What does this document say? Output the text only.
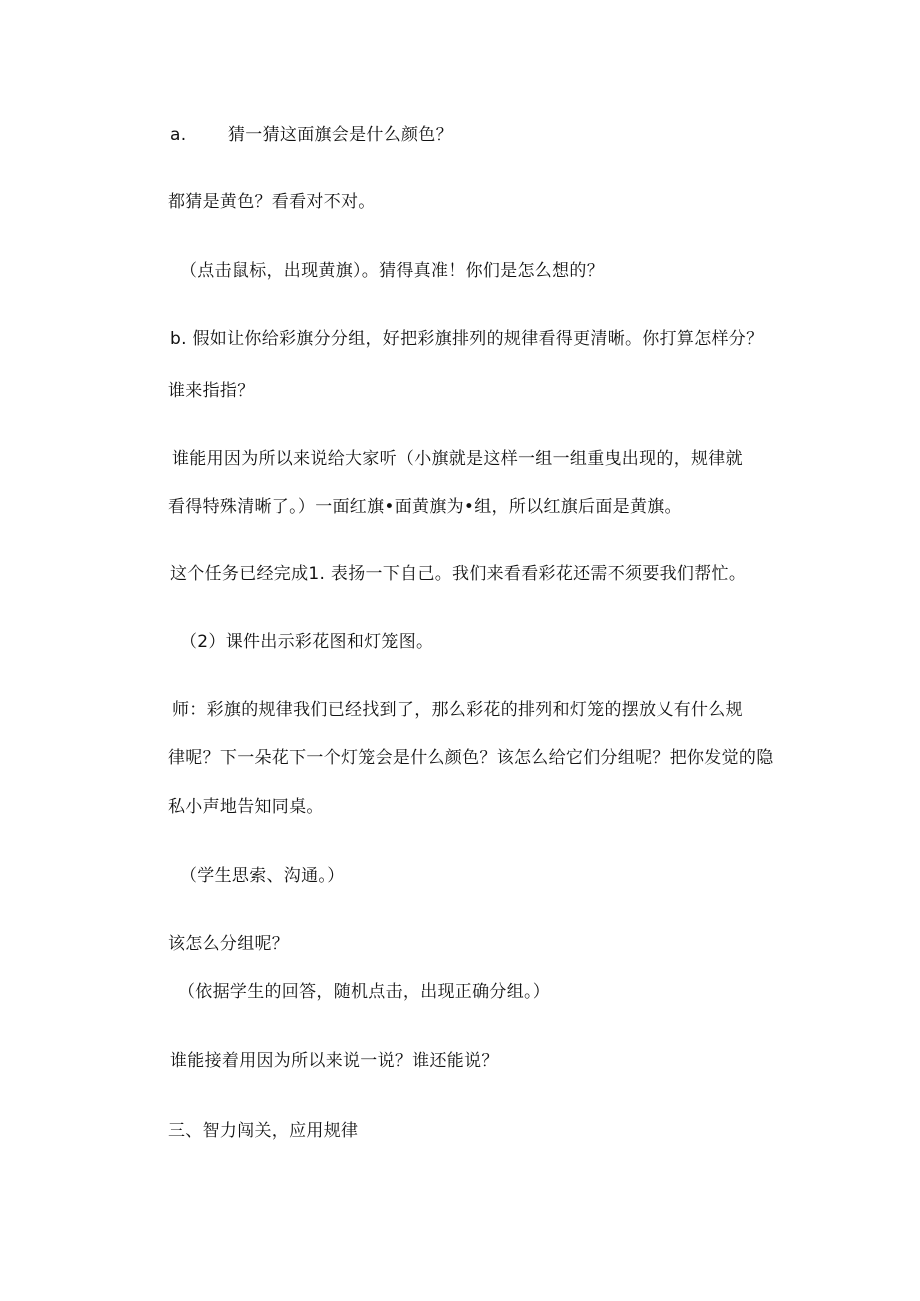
a. 猜一猜这面旗会是什么颜色？
都猜是黄色？看看对不对。
（点击鼠标，出现黄旗）。猜得真准！你们是怎么想的？
b. 假如让你给彩旗分分组，好把彩旗排列的规律看得更清晰。你打算怎样分？
谁来指指？
谁能用因为所以来说给大家听（小旗就是这样一组一组重曳出现的，规律就
看得特殊清晰了。）一面红旗•面黄旗为•组，所以红旗后面是黄旗。
这个任务已经完成1. 表扬一下自己。我们来看看彩花还需不须要我们帮忙。
（2）课件出示彩花图和灯笼图。
师：彩旗的规律我们已经找到了，那么彩花的排列和灯笼的摆放乂有什么规
律呢？下一朵花下一个灯笼会是什么颜色？该怎么给它们分组呢？把你发觉的隐
私小声地告知同桌。
（学生思索、沟通。）
该怎么分组呢？
（依据学生的回答，随机点击，出现正确分组。）
谁能接着用因为所以来说一说？谁还能说？
三、智力闯关，应用规律
